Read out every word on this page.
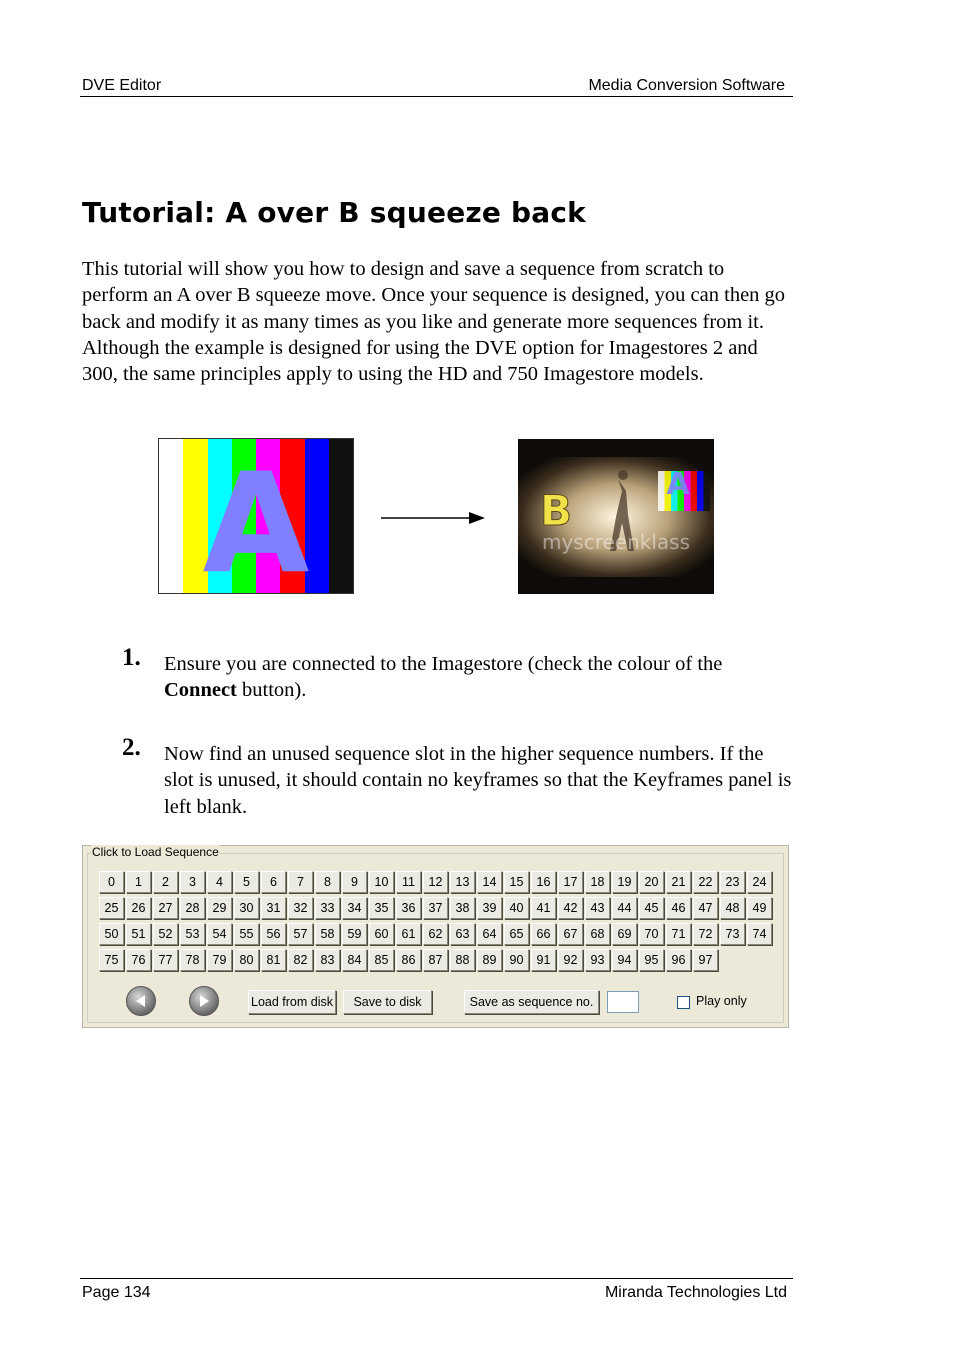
DVE Editor	Media Conversion Software
Tutorial: A over B squeeze back

This tutorial will show you how to design and save a sequence from scratch to perform an A over B squeeze move. Once your sequence is designed, you can then go back and modify it as many times as you like and generate more sequences from it. Although the example is designed for using the DVE option for Imagestores 2 and 300, the same principles apply to using the HD and 750 Imagestore models.

A	A
B
myscreenklass
1. Ensure you are connected to the Imagestore (check the colour of the Connect button).
2. Now find an unused sequence slot in the higher sequence numbers. If the slot is unused, it should contain no keyframes so that the Keyframes panel is left blank.
Click to Load Sequence
0	1	2	3	4	5	6	7	8	9	10	11	12	13	14	15	16	17	18	19	20	21	22	23	24
25	26	27	28	29	30	31	32	33	34	35	36	37	38	39	40	41	42	43	44	45	46	47	48	49
50	51	52	53	54	55	56	57	58	59	60	61	62	63	64	65	66	67	68	69	70	71	72	73	74
75	76	77	78	79	80	81	82	83	84	85	86	87	88	89	90	91	92	93	94	95	96	97
Load from disk	Save to disk	Save as sequence no.	Play only
Page 134	Miranda Technologies Ltd
